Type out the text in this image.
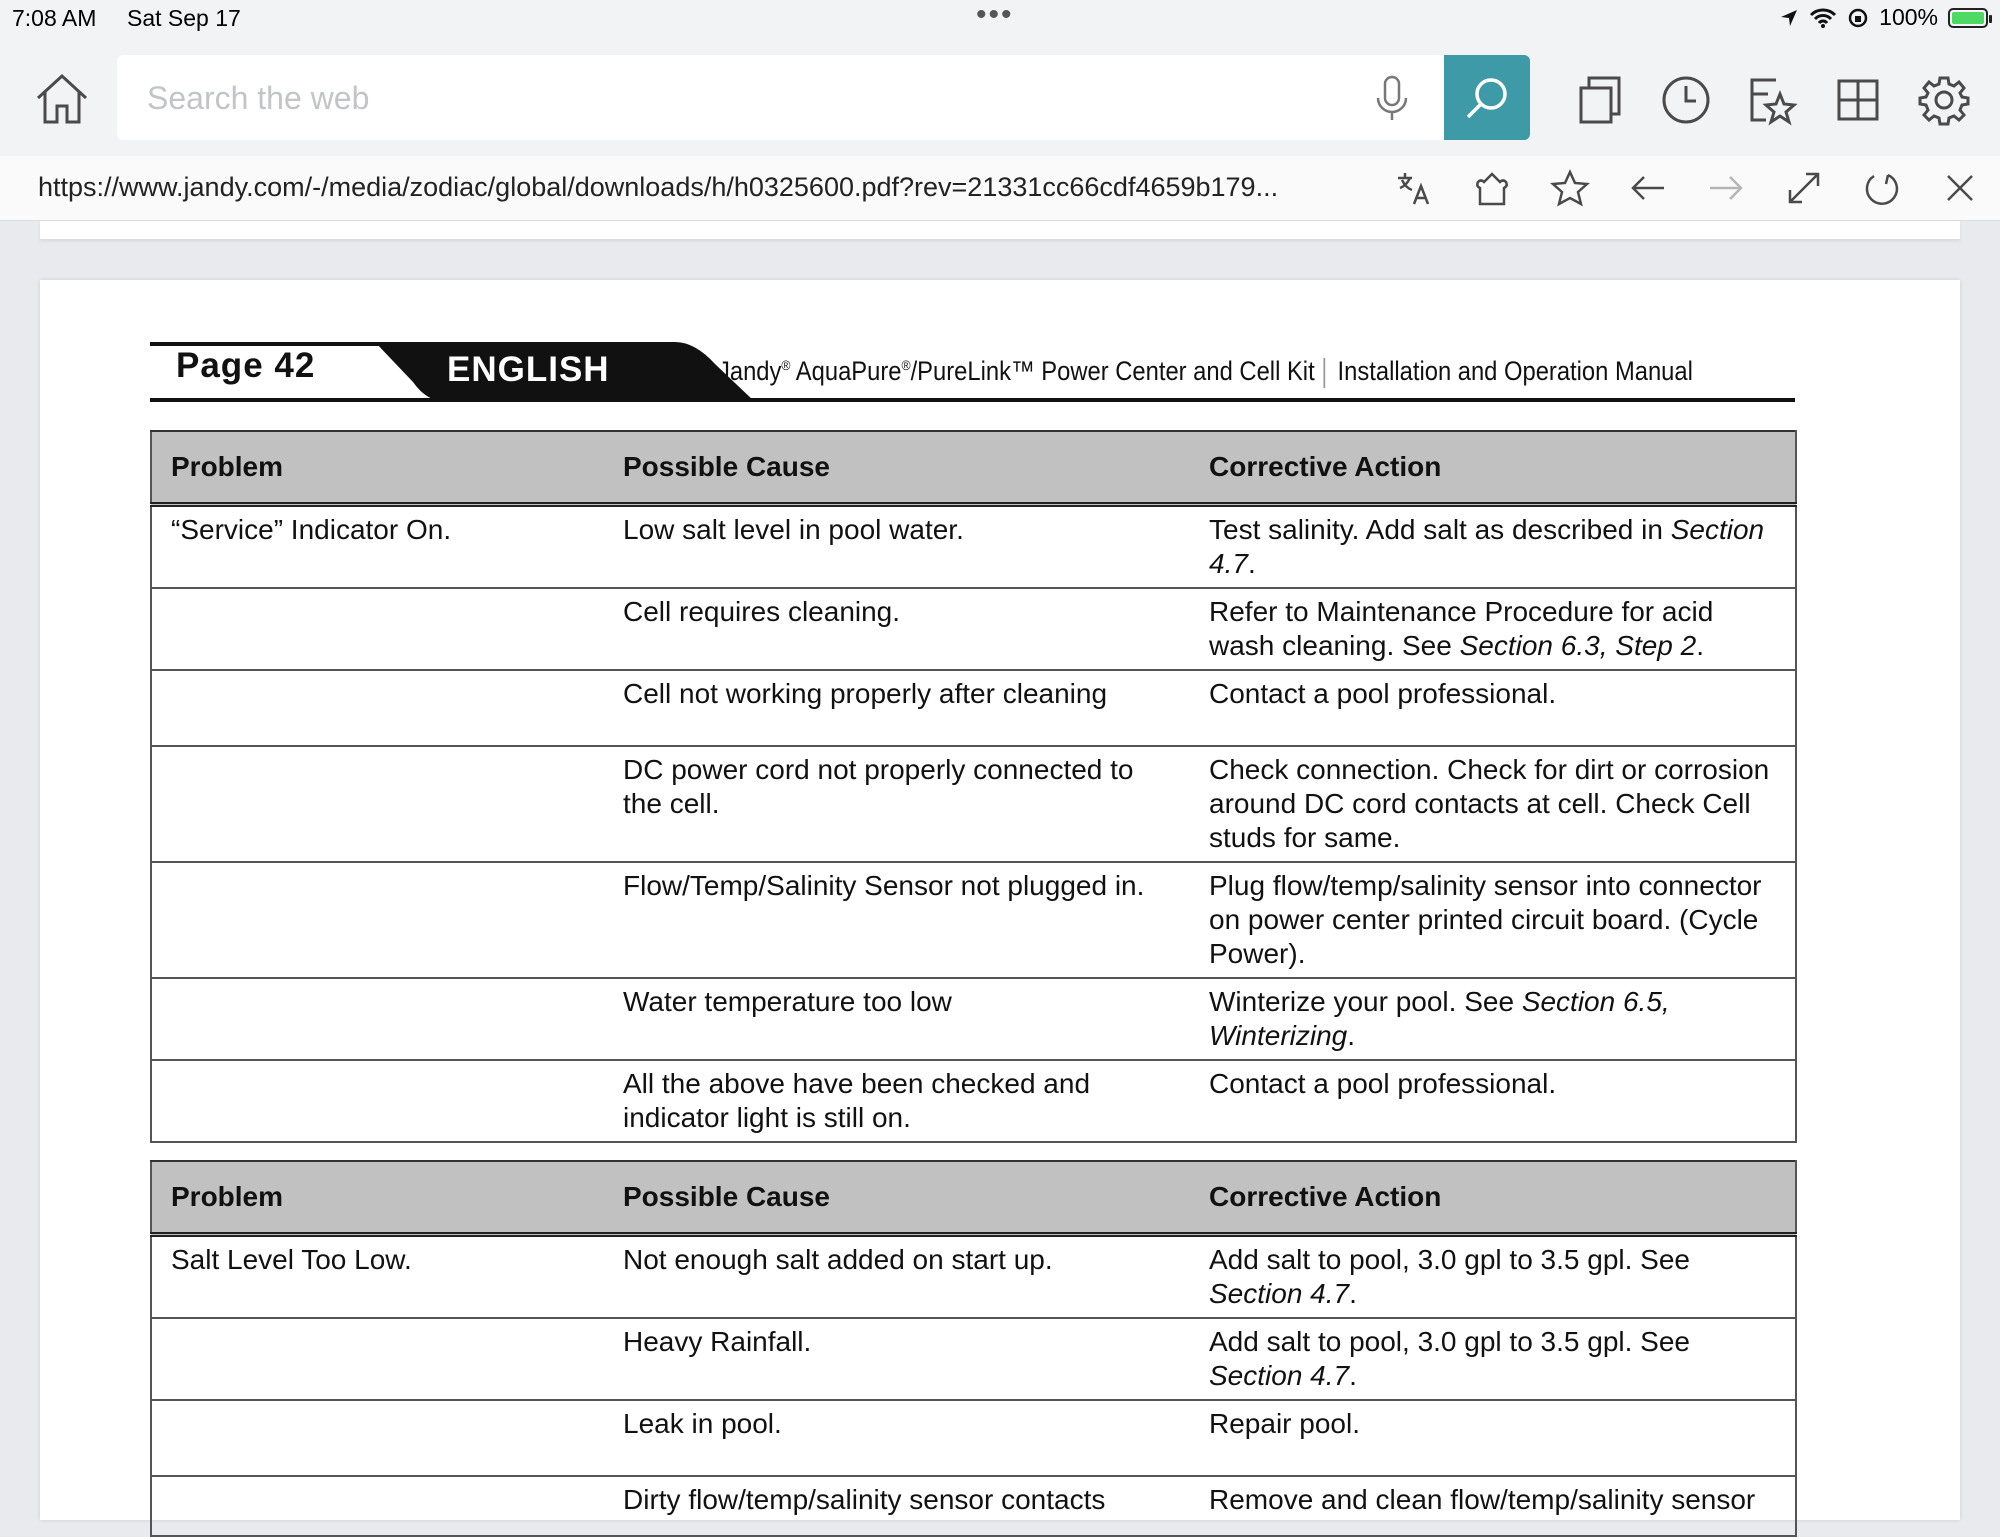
7:08 AM Sat Sep 17	•••	100%
Search the web
https://www.jandy.com/-/media/zodiac/global/downloads/h/h0325600.pdf?rev=21331cc66cdf4659b179...
Page 42	ENGLISH	Jandy® AquaPure®/PureLink™ Power Center and Cell Kit Installation and Operation Manual
Problem	Possible Cause	Corrective Action
“Service” Indicator On.	Low salt level in pool water.	Test salinity. Add salt as described in Section 4.7.
	Cell requires cleaning.	Refer to Maintenance Procedure for acid wash cleaning. See Section 6.3, Step 2.
	Cell not working properly after cleaning	Contact a pool professional.
	DC power cord not properly connected to the cell.	Check connection. Check for dirt or corrosion around DC cord contacts at cell. Check Cell studs for same.
	Flow/Temp/Salinity Sensor not plugged in.	Plug flow/temp/salinity sensor into connector on power center printed circuit board. (Cycle Power).
	Water temperature too low	Winterize your pool. See Section 6.5, Winterizing.
	All the above have been checked and indicator light is still on.	Contact a pool professional.
Problem	Possible Cause	Corrective Action
Salt Level Too Low.	Not enough salt added on start up.	Add salt to pool, 3.0 gpl to 3.5 gpl. See Section 4.7.
	Heavy Rainfall.	Add salt to pool, 3.0 gpl to 3.5 gpl. See Section 4.7.
	Leak in pool.	Repair pool.
	Dirty flow/temp/salinity sensor contacts	Remove and clean flow/temp/salinity sensor
